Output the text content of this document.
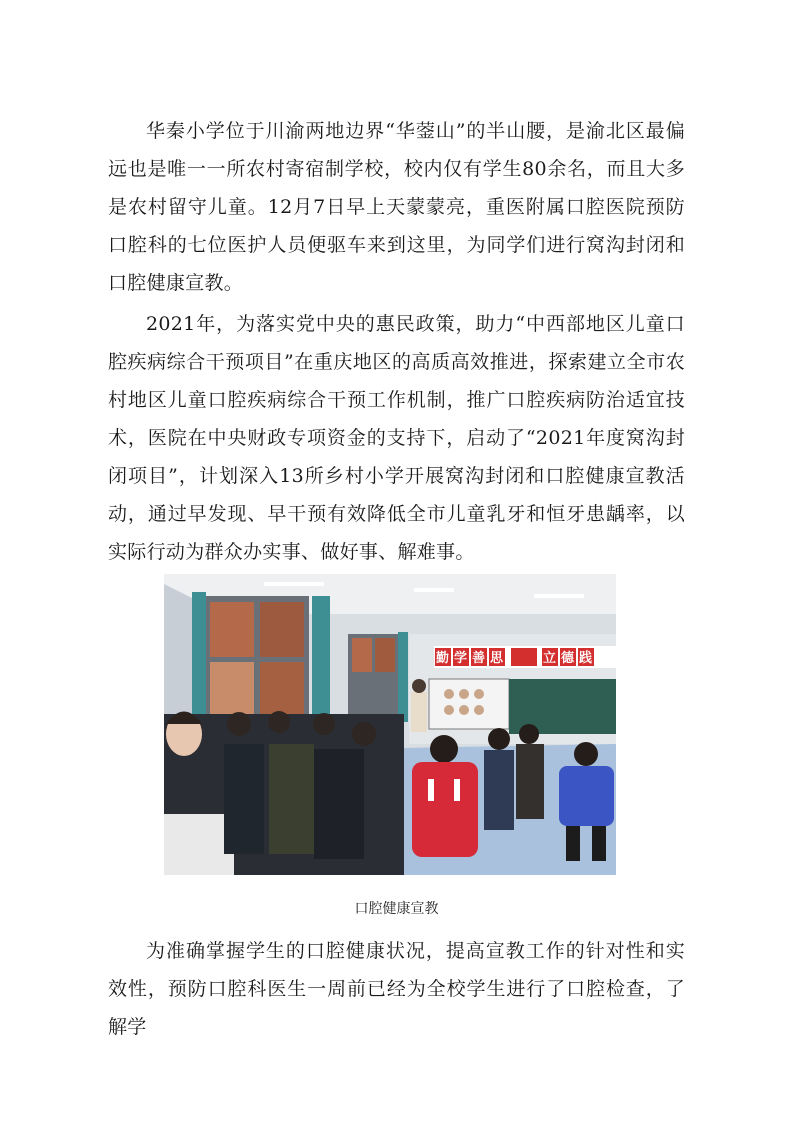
华秦小学位于川渝两地边界“华蓥山”的半山腰，是渝北区最偏远也是唯一一所农村寄宿制学校，校内仅有学生80余名，而且大多是农村留守儿童。12月7日早上天蒙蒙亮，重医附属口腔医院预防口腔科的七位医护人员便驱车来到这里，为同学们进行窝沟封闭和口腔健康宣教。

2021年，为落实党中央的惠民政策，助力“中西部地区儿童口腔疾病综合干预项目”在重庆地区的高质高效推进，探索建立全市农村地区儿童口腔疾病综合干预工作机制，推广口腔疾病防治适宜技术，医院在中央财政专项资金的支持下，启动了“2021年度窝沟封闭项目”，计划深入13所乡村小学开展窝沟封闭和口腔健康宣教活动，通过早发现、早干预有效降低全市儿童乳牙和恒牙患龋率，以实际行动为群众办实事、做好事、解难事。

勤 学 善 思	立 德 践
口腔健康宣教

为准确掌握学生的口腔健康状况，提高宣教工作的针对性和实效性，预防口腔科医生一周前已经为全校学生进行了口腔检查，了解学
